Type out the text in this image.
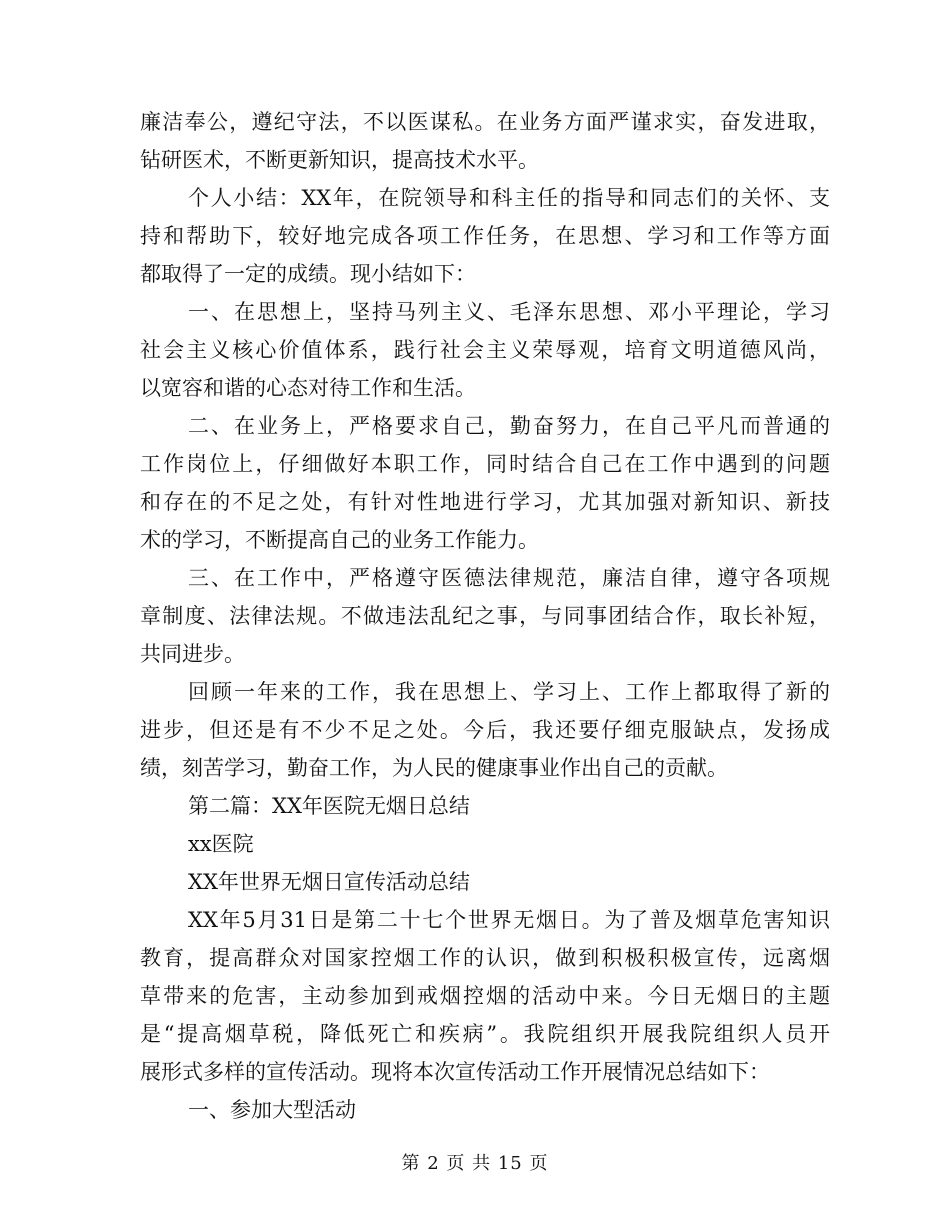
廉洁奉公，遵纪守法，不以医谋私。在业务方面严谨求实，奋发进取，

钻研医术，不断更新知识，提高技术水平。

个人小结：XX年，在院领导和科主任的指导和同志们的关怀、支

持和帮助下，较好地完成各项工作任务，在思想、学习和工作等方面

都取得了一定的成绩。现小结如下：

一、在思想上，坚持马列主义、毛泽东思想、邓小平理论，学习

社会主义核心价值体系，践行社会主义荣辱观，培育文明道德风尚，

以宽容和谐的心态对待工作和生活。

二、在业务上，严格要求自己，勤奋努力，在自己平凡而普通的

工作岗位上，仔细做好本职工作，同时结合自己在工作中遇到的问题

和存在的不足之处，有针对性地进行学习，尤其加强对新知识、新技

术的学习，不断提高自己的业务工作能力。

三、在工作中，严格遵守医德法律规范，廉洁自律，遵守各项规

章制度、法律法规。不做违法乱纪之事，与同事团结合作，取长补短，

共同进步。

回顾一年来的工作，我在思想上、学习上、工作上都取得了新的

进步，但还是有不少不足之处。今后，我还要仔细克服缺点，发扬成

绩，刻苦学习，勤奋工作，为人民的健康事业作出自己的贡献。

第二篇：XX年医院无烟日总结

xx医院

XX年世界无烟日宣传活动总结

XX年5月31日是第二十七个世界无烟日。为了普及烟草危害知识

教育，提高群众对国家控烟工作的认识，做到积极积极宣传，远离烟

草带来的危害，主动参加到戒烟控烟的活动中来。今日无烟日的主题

是“提高烟草税，降低死亡和疾病”。我院组织开展我院组织人员开

展形式多样的宣传活动。现将本次宣传活动工作开展情况总结如下：

一、参加大型活动

第 2 页 共 15 页
